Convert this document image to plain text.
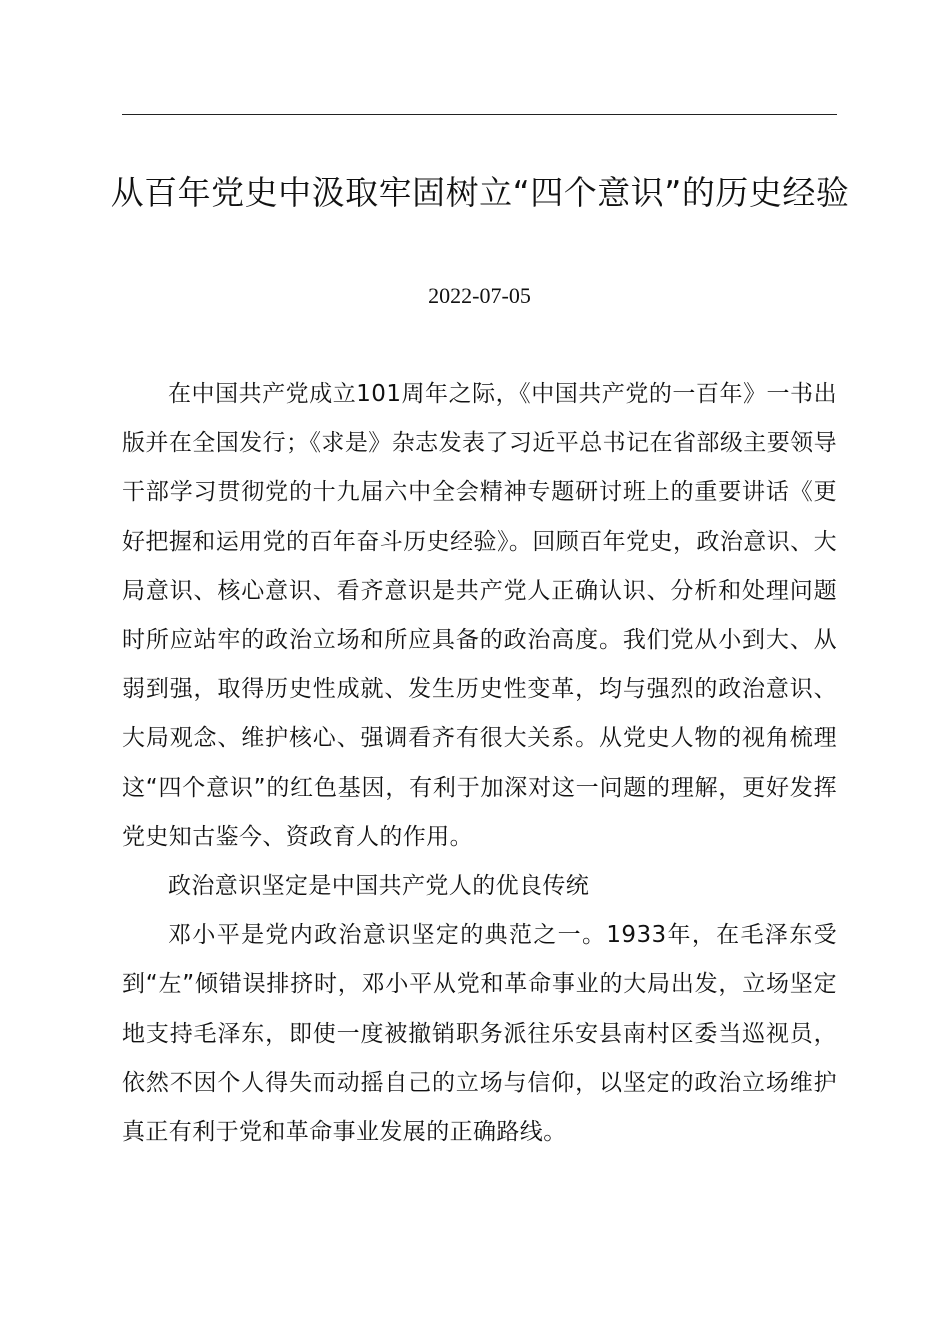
从百年党史中汲取牢固树立“四个意识”的历史经验
2022-07-05

在中国共产党成立101周年之际，《中国共产党的一百年》一书出版并在全国发行；《求是》杂志发表了习近平总书记在省部级主要领导干部学习贯彻党的十九届六中全会精神专题研讨班上的重要讲话《更好把握和运用党的百年奋斗历史经验》。回顾百年党史，政治意识、大局意识、核心意识、看齐意识是共产党人正确认识、分析和处理问题时所应站牢的政治立场和所应具备的政治高度。我们党从小到大、从弱到强，取得历史性成就、发生历史性变革，均与强烈的政治意识、大局观念、维护核心、强调看齐有很大关系。从党史人物的视角梳理这“四个意识”的红色基因，有利于加深对这一问题的理解，更好发挥党史知古鉴今、资政育人的作用。

政治意识坚定是中国共产党人的优良传统

邓小平是党内政治意识坚定的典范之一。1933年，在毛泽东受到“左”倾错误排挤时，邓小平从党和革命事业的大局出发，立场坚定地支持毛泽东，即使一度被撤销职务派往乐安县南村区委当巡视员，依然不因个人得失而动摇自己的立场与信仰，以坚定的政治立场维护真正有利于党和革命事业发展的正确路线。
